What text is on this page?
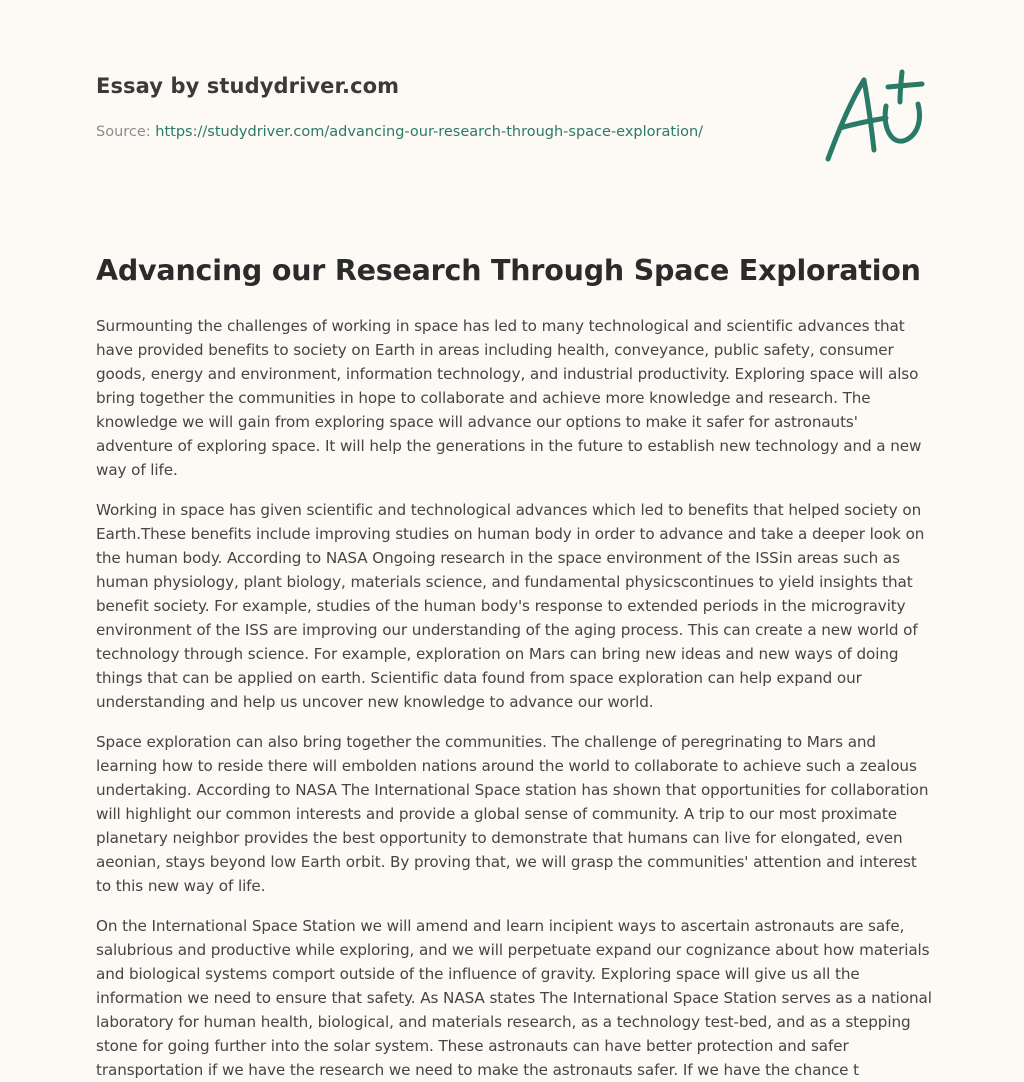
Essay by studydriver.com
Source: https://studydriver.com/advancing-our-research-through-space-exploration/
Advancing our Research Through Space Exploration

Surmounting the challenges of working in space has led to many technological and scientific advances that have provided benefits to society on Earth in areas including health, conveyance, public safety, consumer goods, energy and environment, information technology, and industrial productivity. Exploring space will also bring together the communities in hope to collaborate and achieve more knowledge and research. The knowledge we will gain from exploring space will advance our options to make it safer for astronauts' adventure of exploring space. It will help the generations in the future to establish new technology and a new way of life.

Working in space has given scientific and technological advances which led to benefits that helped society on Earth.These benefits include improving studies on human body in order to advance and take a deeper look on the human body. According to NASA Ongoing research in the space environment of the ISSin areas such as human physiology, plant biology, materials science, and fundamental physicscontinues to yield insights that benefit society. For example, studies of the human body's response to extended periods in the microgravity environment of the ISS are improving our understanding of the aging process. This can create a new world of technology through science. For example, exploration on Mars can bring new ideas and new ways of doing things that can be applied on earth. Scientific data found from space exploration can help expand our understanding and help us uncover new knowledge to advance our world.

Space exploration can also bring together the communities. The challenge of peregrinating to Mars and learning how to reside there will embolden nations around the world to collaborate to achieve such a zealous undertaking. According to NASA The International Space station has shown that opportunities for collaboration will highlight our common interests and provide a global sense of community. A trip to our most proximate planetary neighbor provides the best opportunity to demonstrate that humans can live for elongated, even aeonian, stays beyond low Earth orbit. By proving that, we will grasp the communities' attention and interest to this new way of life.

On the International Space Station we will amend and learn incipient ways to ascertain astronauts are safe, salubrious and productive while exploring, and we will perpetuate expand our cognizance about how materials and biological systems comport outside of the influence of gravity. Exploring space will give us all the information we need to ensure that safety. As NASA states The International Space Station serves as a national laboratory for human health, biological, and materials research, as a technology test-bed, and as a stepping stone for going further into the solar system. These astronauts can have better protection and safer transportation if we have the research we need to make the astronauts safer. If we have the chance t
